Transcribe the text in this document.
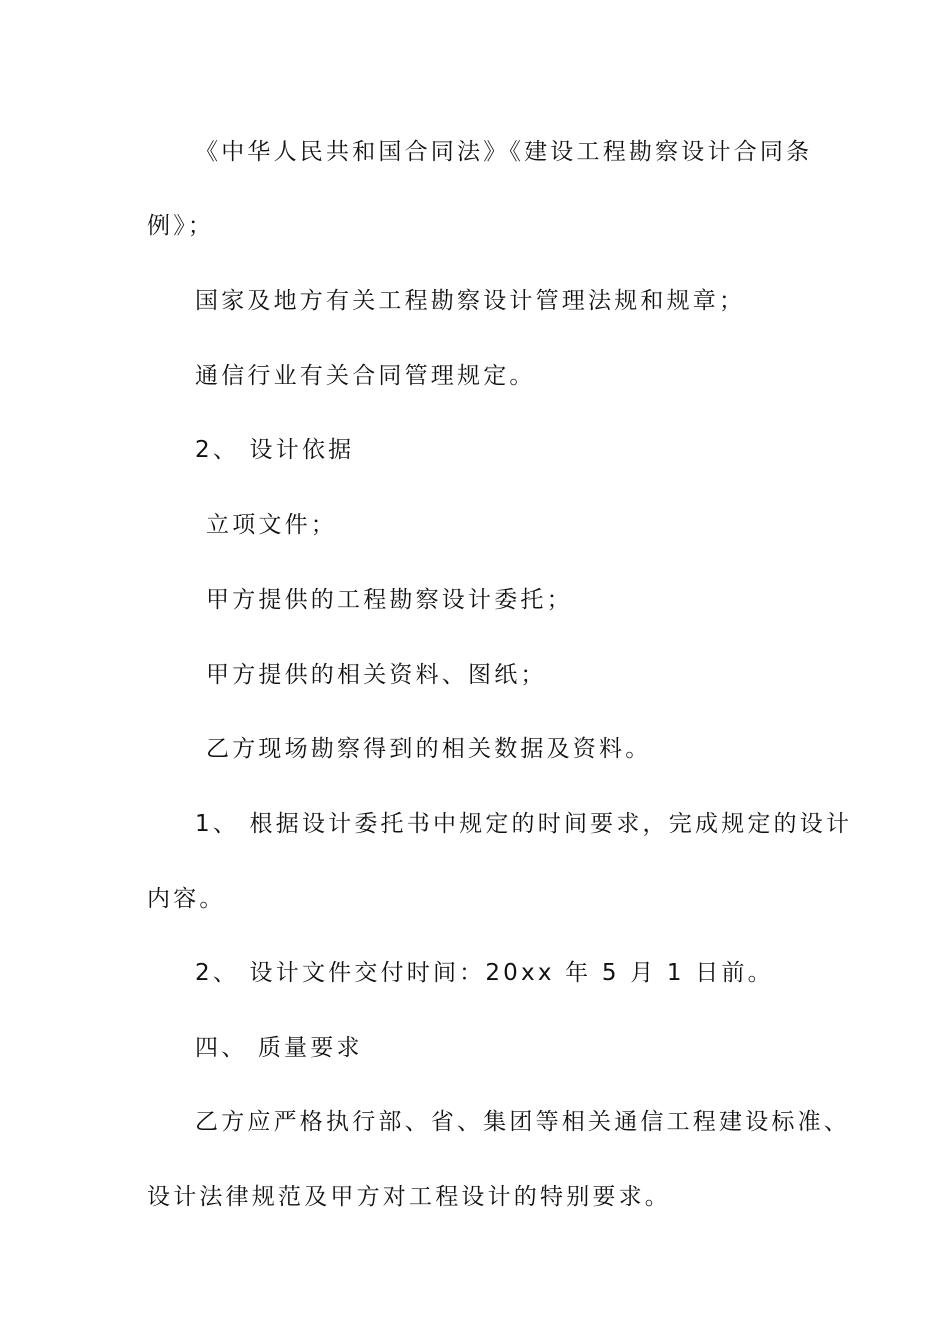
《中华人民共和国合同法》《建设工程勘察设计合同条
例》；
国家及地方有关工程勘察设计管理法规和规章；
通信行业有关合同管理规定。
2、 设计依据
立项文件；
甲方提供的工程勘察设计委托；
甲方提供的相关资料、图纸；
乙方现场勘察得到的相关数据及资料。
1、 根据设计委托书中规定的时间要求，完成规定的设计
内容。
2、 设计文件交付时间：20xx 年 5 月 1 日前。
四、 质量要求
乙方应严格执行部、省、集团等相关通信工程建设标准、
设计法律规范及甲方对工程设计的特别要求。
